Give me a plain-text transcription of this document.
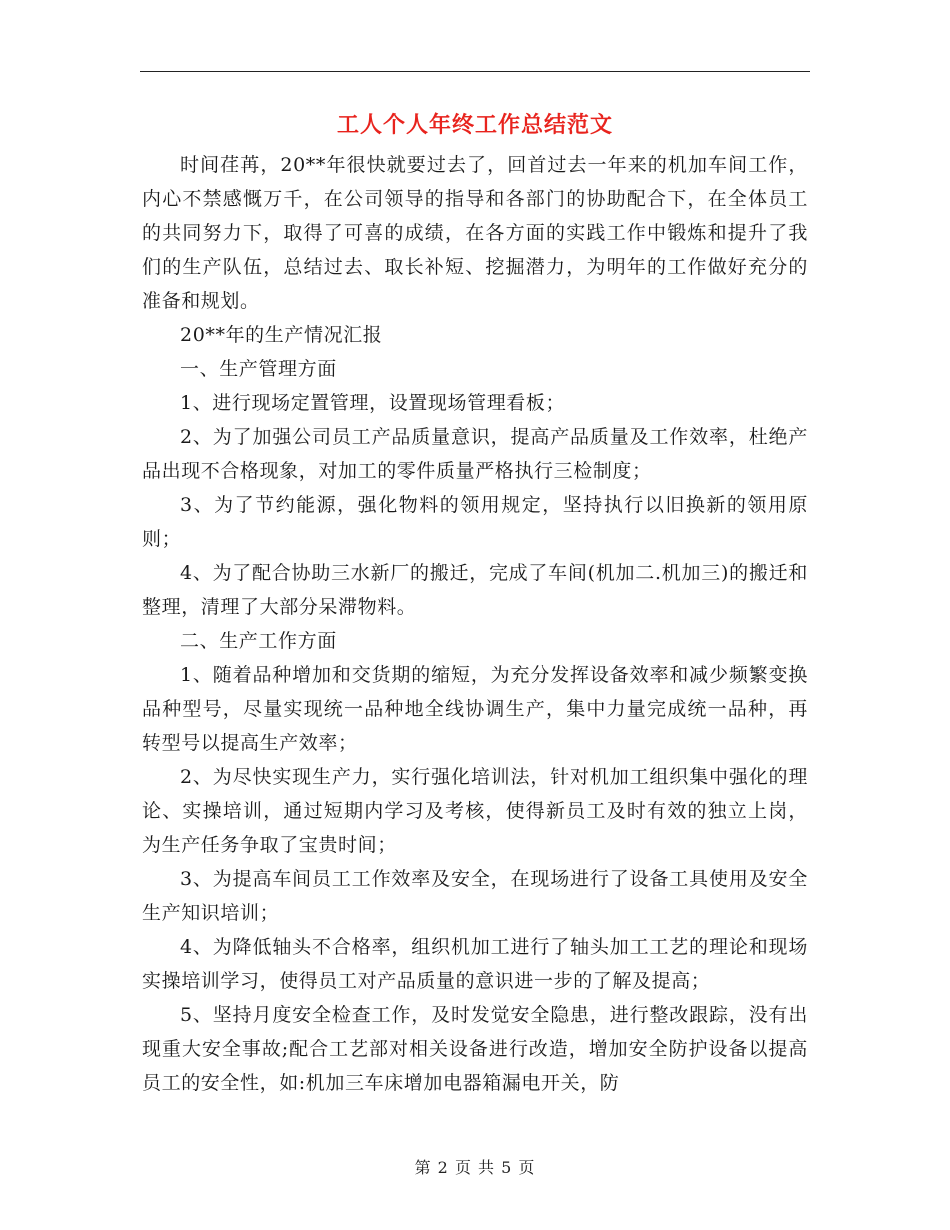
工人个人年终工作总结范文

时间荏苒，20**年很快就要过去了，回首过去一年来的机加车间工作，内心不禁感慨万千，在公司领导的指导和各部门的协助配合下，在全体员工的共同努力下，取得了可喜的成绩，在各方面的实践工作中锻炼和提升了我们的生产队伍，总结过去、取长补短、挖掘潜力，为明年的工作做好充分的准备和规划。

20**年的生产情况汇报

一、生产管理方面

1、进行现场定置管理，设置现场管理看板；

2、为了加强公司员工产品质量意识，提高产品质量及工作效率，杜绝产品出现不合格现象，对加工的零件质量严格执行三检制度；

3、为了节约能源，强化物料的领用规定，坚持执行以旧换新的领用原则；

4、为了配合协助三水新厂的搬迁，完成了车间(机加二.机加三)的搬迁和整理，清理了大部分呆滞物料。

二、生产工作方面

1、随着品种增加和交货期的缩短，为充分发挥设备效率和减少频繁变换品种型号，尽量实现统一品种地全线协调生产，集中力量完成统一品种，再转型号以提高生产效率；

2、为尽快实现生产力，实行强化培训法，针对机加工组织集中强化的理论、实操培训，通过短期内学习及考核，使得新员工及时有效的独立上岗，为生产任务争取了宝贵时间；

3、为提高车间员工工作效率及安全，在现场进行了设备工具使用及安全生产知识培训；

4、为降低轴头不合格率，组织机加工进行了轴头加工工艺的理论和现场实操培训学习，使得员工对产品质量的意识进一步的了解及提高；

5、坚持月度安全检查工作，及时发觉安全隐患，进行整改跟踪，没有出现重大安全事故;配合工艺部对相关设备进行改造，增加安全防护设备以提高员工的安全性，如:机加三车床增加电器箱漏电开关，防

第 2 页 共 5 页
